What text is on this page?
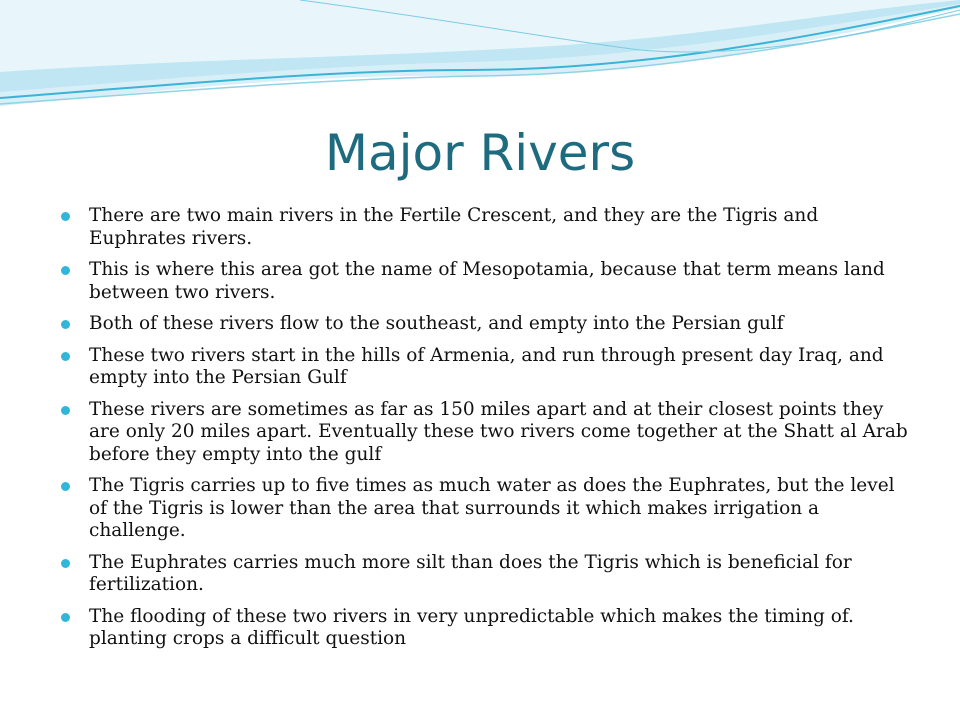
Major Rivers
There are two main rivers in the Fertile Crescent, and they are the Tigris and Euphrates rivers.
This is where this area got the name of Mesopotamia, because that term means land between two rivers.
Both of these rivers flow to the southeast, and empty into the Persian gulf
These two rivers start in the hills of Armenia, and run through present day Iraq, and empty into the Persian Gulf
These rivers are sometimes as far as 150 miles apart and at their closest points they are only 20 miles apart. Eventually these two rivers come together at the Shatt al Arab before they empty into the gulf
The Tigris carries up to five times as much water as does the Euphrates, but the level of the Tigris is lower than the area that surrounds it which makes irrigation a challenge.
The Euphrates carries much more silt than does the Tigris which is beneficial for fertilization.
The flooding of these two rivers in very unpredictable which makes the timing of. planting crops a difficult question
